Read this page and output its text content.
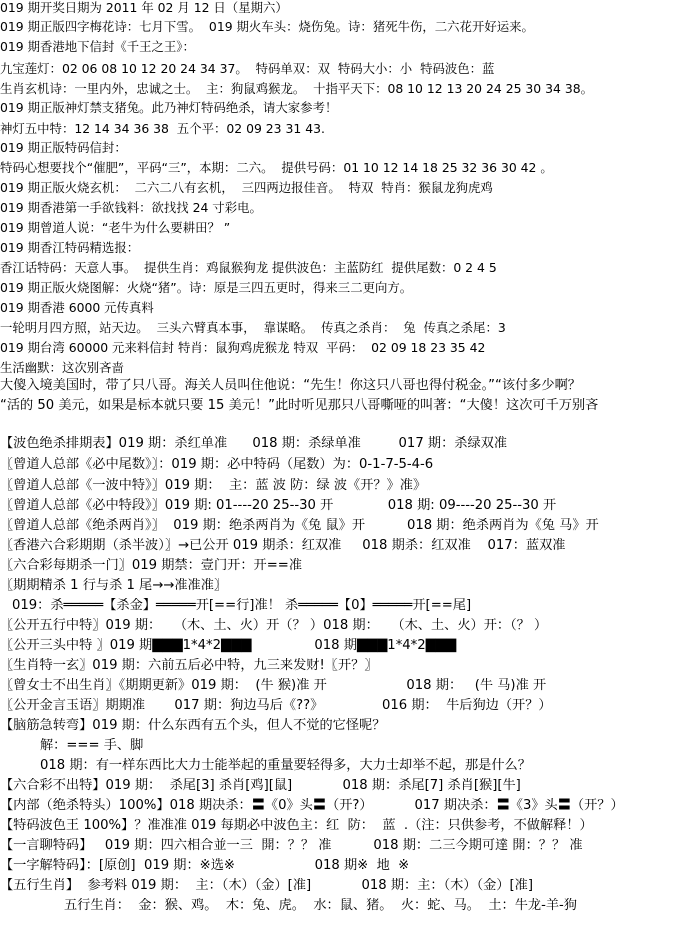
019 期开奖日期为 2011 年 02 月 12 日（星期六）
019 期正版四字梅花诗：七月下雪。  019 期火车头：烧伤兔。诗：猪死牛伤，二六花开好运来。
019 期香港地下信封《千王之王》：
九宝莲灯：02 06 08 10 12 20 24 34 37。  特码单双：双  特码大小：小  特码波色：蓝
生肖玄机诗：一里内外，忠诚之士。  主：狗鼠鸡猴龙。  十指平天下：08 10 12 13 20 24 25 30 34 38。
019 期正版神灯禁支猪兔。此乃神灯特码绝杀，请大家参考！
神灯五中特：12 14 34 36 38  五个平：02 09 23 31 43.
019 期正版特码信封：
特码心想要找个“催肥”，平码“三”，本期：二六。  提供号码：01 10 12 14 18 25 32 36 30 42 。
019 期正版火烧玄机：  二六二八有玄机，  三四两边报佳音。  特双  特肖：猴鼠龙狗虎鸡
019 期香港第一手欲钱料：欲找找 24 寸彩电。
019 期曾道人说：“老牛为什么要耕田？ ”
019 期香江特码精选报：
香江话特码：天意人事。  提供生肖：鸡鼠猴狗龙 提供波色：主蓝防红  提供尾数：0 2 4 5
019 期正版火烧图解：火烧“猪”。诗：原是三四五更时，得来三二更向方。
019 期香港 6000 元传真料
一轮明月四方照，站天边。  三头六臂真本事，  靠谋略。  传真之杀肖：  兔  传真之杀尾：3
019 期台湾 60000 元来料信封 特肖：鼠狗鸡虎猴龙 特双  平码：  02 09 18 23 35 42
生活幽默：这次别吝啬
大傻入境美国时，带了只八哥。海关人员叫住他说：“先生！你这只八哥也得付税金。”“该付多少啊？
“活的 50 美元，如果是标本就只要 15 美元！”此时听见那只八哥嘶哑的叫著：“大傻！这次可千万别吝

【波色绝杀排期表】019 期：杀红单准      018 期：杀绿单准         017 期：杀绿双准
〖曾道人总部《必中尾数》〗：019 期：必中特码（尾数）为：0-1-7-5-4-6
〖曾道人总部《一波中特》〗019 期：  主：蓝 波 防：绿 波《开？》准》
〖曾道人总部《必中特段》〗019 期: 01----20 25--30 开             018 期: 09----20 25--30 开
〖曾道人总部《绝杀两肖》〗  019 期：绝杀两肖为《兔 鼠》开          018 期：绝杀两肖为《兔 马》开
〖香港六合彩期期（杀半波）〗→已公开 019 期杀：红双准     018 期杀：红双准    017：蓝双准
〖六合彩每期杀一门〗019 期禁：壹门开：开==准
〖期期精杀 1 行与杀 1 尾→→准准准〗
019：杀═════【杀金】═════开[==行]准！ 杀═════【0】═════开[==尾]
〖公开五行中特〗019 期：   （木、土、火）开（？ ）018 期：   （木、土、火）开：（？ ）
〖公开三头中特 〗019 期▇▇▇1*4*2▇▇▇               018 期▇▇▇1*4*2▇▇▇
〖生肖特一玄〗019 期：六前五后必中特，九三来发财!〖开？〗
〖曾女士不出生肖〗《期期更新》019 期：  (牛 猴)准 开                   018 期：   (牛 马)准 开
〖公开金言玉语〗期期准       017 期：狗边马后《??》              016 期：  牛后狗边（开？）
【脑筋急转弯】019 期：什么东西有五个头，但人不觉的它怪呢？
解：=== 手、脚
018 期：有一样东西比大力士能举起的重量要轻得多，大力士却举不起，那是什么？
【六合彩不出特】019 期：  杀尾[3] 杀肖[鸡][鼠]            018 期：杀尾[7] 杀肖[猴][牛]
【内部（绝杀特头）100%】018 期决杀：〓《0》头〓（开?）          017 期决杀：〓《3》头〓（开？）
【特码波色王 100%】？准准准 019 每期必中波色主：红  防：  蓝  .（注：只供参考，不做解释！）
【一言聊特码】   019 期：四六相合並一三  開：？？ 准          018 期：二三今期可達 開：？？ 准
【一字解特码】：[原创]  019 期：※选※                   018 期※  地  ※
【五行生肖】  参考料 019 期：  主：（木）（金）[准]            018 期：主：（木）（金）[准]
五行生肖：  金：猴、鸡。  木：兔、虎。  水：鼠、猪。  火：蛇、马。  土：牛龙-羊-狗
